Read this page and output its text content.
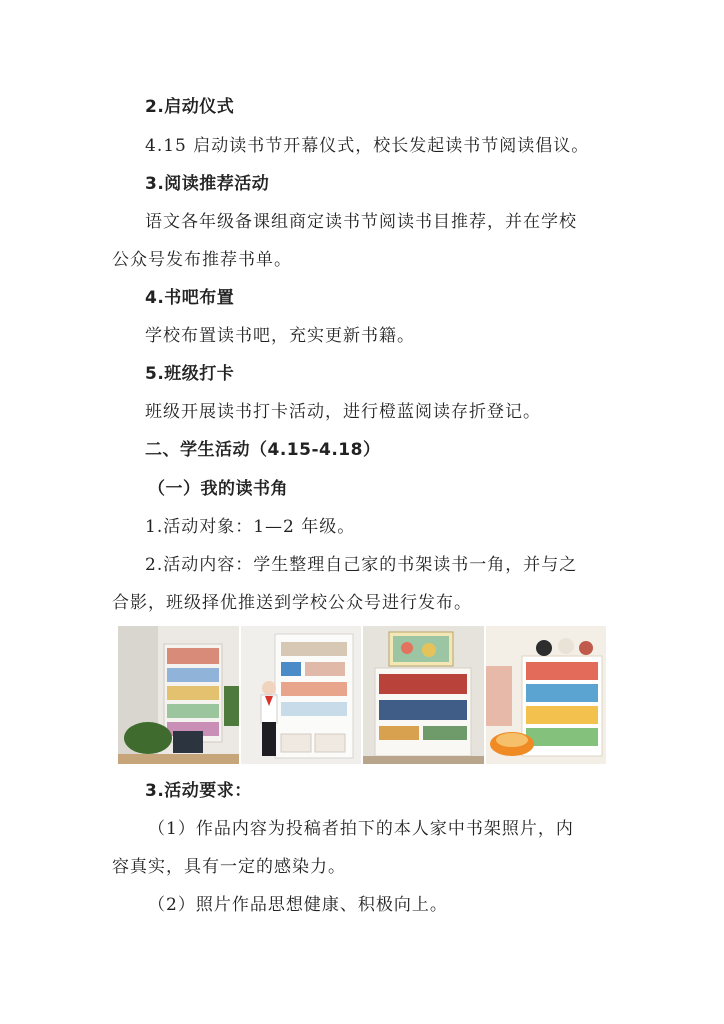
2.启动仪式
4.15 启动读书节开幕仪式，校长发起读书节阅读倡议。
3.阅读推荐活动
语文各年级备课组商定读书节阅读书目推荐，并在学校
公众号发布推荐书单。
4.书吧布置
学校布置读书吧，充实更新书籍。
5.班级打卡
班级开展读书打卡活动，进行橙蓝阅读存折登记。
二、学生活动（4.15-4.18）
（一）我的读书角
1.活动对象：1—2 年级。
2.活动内容：学生整理自己家的书架读书一角，并与之
合影，班级择优推送到学校公众号进行发布。
3.活动要求：
（1）作品内容为投稿者拍下的本人家中书架照片，内
容真实，具有一定的感染力。
（2）照片作品思想健康、积极向上。
